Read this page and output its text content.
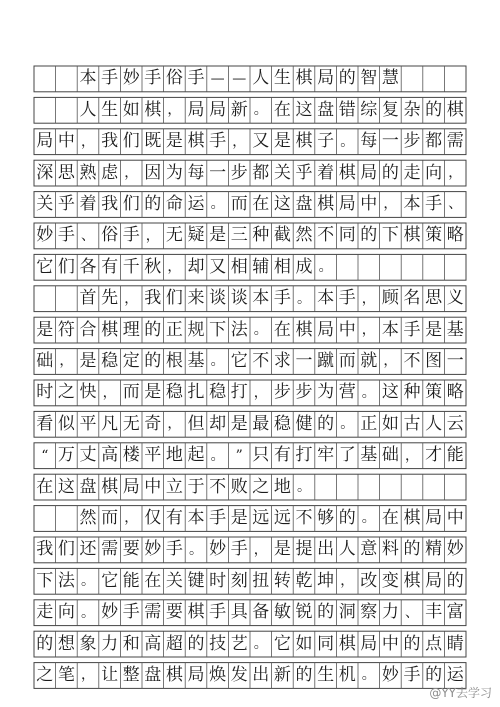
本 手 妙 手 俗 手 — — 人 生 棋 局 的 智 慧
人 生 如 棋 ， 局 局 新 。 在 这 盘 错 综 复 杂 的 棋
局 中 ， 我 们 既 是 棋 手 ， 又 是 棋 子 。 每 一 步 都 需
深 思 熟 虑 ， 因 为 每 一 步 都 关 乎 着 棋 局 的 走 向 ，
关 乎 着 我 们 的 命 运 。 而 在 这 盘 棋 局 中 ， 本 手 、
妙 手 、 俗 手 ， 无 疑 是 三 种 截 然 不 同 的 下 棋 策 略
它 们 各 有 千 秋 ， 却 又 相 辅 相 成 。
首 先 ， 我 们 来 谈 谈 本 手 。 本 手 ， 顾 名 思 义
是 符 合 棋 理 的 正 规 下 法 。 在 棋 局 中 ， 本 手 是 基
础 ， 是 稳 定 的 根 基 。 它 不 求 一 蹴 而 就 ， 不 图 一
时 之 快 ， 而 是 稳 扎 稳 打 ， 步 步 为 营 。 这 种 策 略
看 似 平 凡 无 奇 ， 但 却 是 最 稳 健 的 。 正 如 古 人 云
“ 万 丈 高 楼 平 地 起 。 ” 只 有 打 牢 了 基 础 ， 才 能
在 这 盘 棋 局 中 立 于 不 败 之 地 。
然 而 ， 仅 有 本 手 是 远 远 不 够 的 。 在 棋 局 中
我 们 还 需 要 妙 手 。 妙 手 ， 是 提 出 人 意 料 的 精 妙
下 法 。 它 能 在 关 键 时 刻 扭 转 乾 坤 ， 改 变 棋 局 的
走 向 。 妙 手 需 要 棋 手 具 备 敏 锐 的 洞 察 力 、 丰 富
的 想 象 力 和 高 超 的 技 艺 。 它 如 同 棋 局 中 的 点 睛
之 笔 ， 让 整 盘 棋 局 焕 发 出 新 的 生 机 。 妙 手 的 运
@YY去学习
